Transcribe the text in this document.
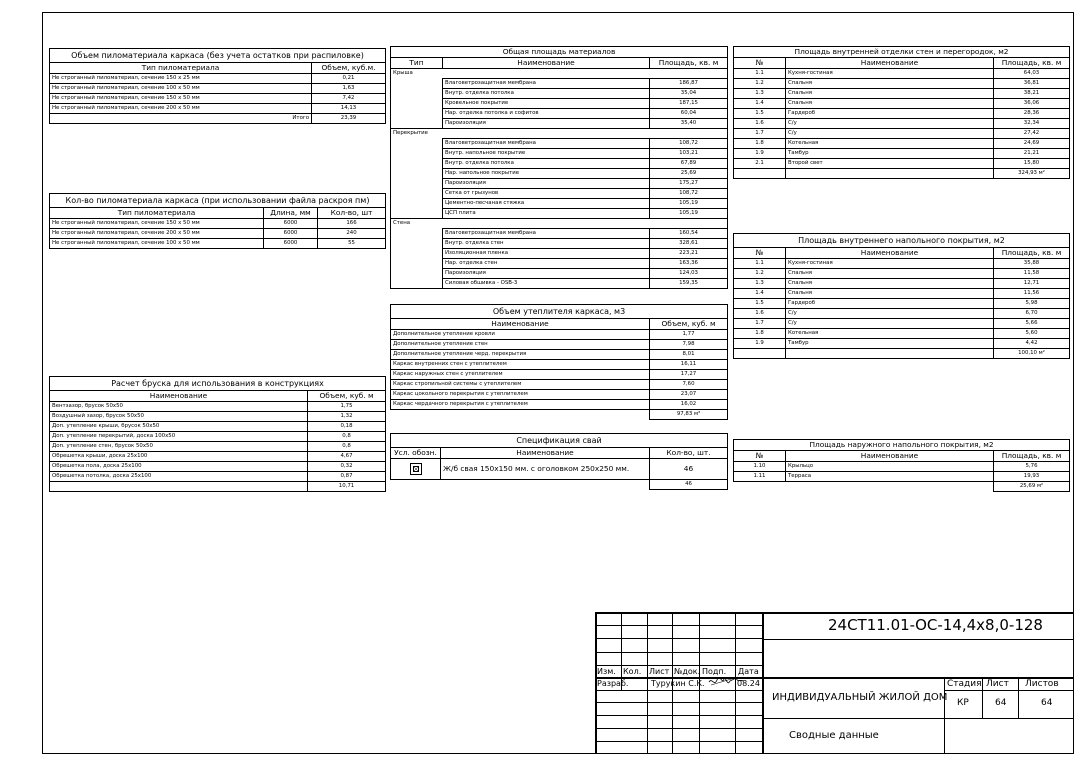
Объем пиломатериала каркаса (без учета остатков при распиловке)	
Тип пиломатериала	Объем, куб.м.
Не строганный пиломатериал, сечение 150 x 25 мм	0,21
Не строганный пиломатериал, сечение 100 x 50 мм	1,63
Не строганный пиломатериал, сечение 150 x 50 мм	7,42
Не строганный пиломатериал, сечение 200 x 50 мм	14,13
Итого	23,39
Кол-во пиломатериала каркаса (при использовании файла раскроя пм)		
Тип пиломатериала	Длина, мм	Кол-во, шт
Не строганный пиломатериал, сечение 150 x 50 мм	6000	166
Не строганный пиломатериал, сечение 200 x 50 мм	6000	240
Не строганный пиломатериал, сечение 100 x 50 мм	6000	55
Расчет бруска для использования в конструкциях	
Наименование	Объем, куб. м
Вентзазор, брусок 50x50	1,75
Воздушный зазор, брусок 50x50	1,32
Доп. утепление крыши, брусок 50x50	0,18
Доп. утепление перекрытий, доска 100x50	0,8
Доп. утепление стен, брусок 50x50	0,8
Обрешетка крыши, доска 25x100	4,67
Обрешетка пола, доска 25x100	0,32
Обрешетка потолка, доска 25x100	0,87
	10,71
Общая площадь материалов		
Тип	Наименование	Площадь, кв. м
Крыша		
	Влаговетрозащитная мембрана	186,87
	Внутр. отделка потолка	35,04
	Кровельное покрытие	187,15
	Нар. отделка потолка и софитов	60,04
	Пароизоляция	35,40
Перекрытие		
	Влаговетрозащитная мембрана	108,72
	Внутр. напольное покрытие	103,21
	Внутр. отделка потолка	67,89
	Нар. напольное покрытие	25,69
	Пароизоляция	175,27
	Сетка от грызунов	108,72
	Цементно-песчаная стяжка	105,19
	ЦСП плита	105,19
Стена		
	Влаговетрозащитная мембрана	160,54
	Внутр. отделка стен	328,61
	Изоляционная пленка	223,21
	Нар. отделка стен	163,36
	Пароизоляция	124,03
	Силовая обшивка - OSB-3	159,35
Объем утеплителя каркаса, м3	
Наименование	Объем, куб. м
Дополнительное утепление кровли	1,77
Дополнительное утепление стен	7,98
Дополнительное утепление черд. перекрытия	8,01
Каркас внутренних стен с утеплителем	16,11
Каркас наружных стен с утеплителем	17,27
Каркас стропильной системы с утеплителем	7,60
Каркас цокольного перекрытия с утеплителем	23,07
Каркас чердачного перекрытия с утеплителем	16,02
	97,83 м³
Спецификация свай		
Усл. обозн.	Наименование	Кол-во, шт.
	Ж/б свая 150x150 мм. с оголовком 250x250 мм.	46
		46
Площадь внутренней отделки стен и перегородок, м2		
№	Наименование	Площадь, кв. м
1.1	Кухня-гостиная	64,03
1.2	Спальня	36,81
1.3	Спальня	38,21
1.4	Спальня	36,06
1.5	Гардероб	28,36
1.6	С/у	32,34
1.7	С/у	27,42
1.8	Котельная	24,69
1.9	Тамбур	21,21
2.1	Второй свет	15,80
		324,93 м²
Площадь внутреннего напольного покрытия, м2		
№	Наименование	Площадь, кв. м
1.1	Кухня-гостиная	35,88
1.2	Спальня	11,58
1.3	Спальня	12,71
1.4	Спальня	11,56
1.5	Гардероб	5,98
1.6	С/у	6,70
1.7	С/у	5,66
1.8	Котельная	5,60
1.9	Тамбур	4,42
		100,10 м²
Площадь наружного напольного покрытия, м2		
№	Наименование	Площадь, кв. м
1.10	Крыльцо	5,76
1.11	Терраса	19,93
		25,69 м²
24СТ11.01-ОС-14,4х8,0-128
Изм. Кол. Лист №док. Подп. Дата
Разраб.	Турукин С.К.	08.24
ИНДИВИДУАЛЬНЫЙ ЖИЛОЙ ДОМ
Стадия Лист Листов
КР	64	64
Сводные данные
